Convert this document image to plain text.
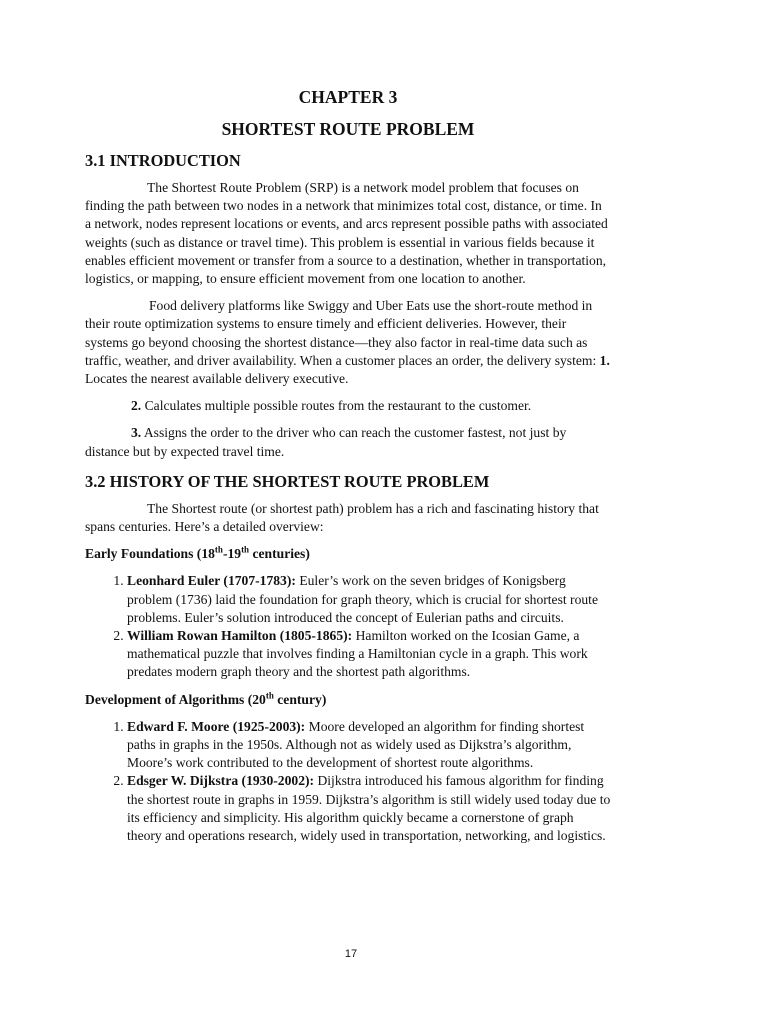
CHAPTER 3
SHORTEST ROUTE PROBLEM
3.1 INTRODUCTION

The Shortest Route Problem (SRP) is a network model problem that focuses on finding the path between two nodes in a network that minimizes total cost, distance, or time. In a network, nodes represent locations or events, and arcs represent possible paths with associated weights (such as distance or travel time). This problem is essential in various fields because it enables efficient movement or transfer from a source to a destination, whether in transportation, logistics, or mapping, to ensure efficient movement from one location to another.

Food delivery platforms like Swiggy and Uber Eats use the short-route method in their route optimization systems to ensure timely and efficient deliveries. However, their systems go beyond choosing the shortest distance—they also factor in real-time data such as traffic, weather, and driver availability. When a customer places an order, the delivery system: 1. Locates the nearest available delivery executive.

2. Calculates multiple possible routes from the restaurant to the customer.

3. Assigns the order to the driver who can reach the customer fastest, not just by distance but by expected travel time.

3.2 HISTORY OF THE SHORTEST ROUTE PROBLEM

The Shortest route (or shortest path) problem has a rich and fascinating history that spans centuries. Here’s a detailed overview:

Early Foundations (18th-19th centuries)

1. Leonhard Euler (1707-1783): Euler’s work on the seven bridges of Konigsberg problem (1736) laid the foundation for graph theory, which is crucial for shortest route problems. Euler’s solution introduced the concept of Eulerian paths and circuits.
2. William Rowan Hamilton (1805-1865): Hamilton worked on the Icosian Game, a mathematical puzzle that involves finding a Hamiltonian cycle in a graph. This work predates modern graph theory and the shortest path algorithms.

Development of Algorithms (20th century)

1. Edward F. Moore (1925-2003): Moore developed an algorithm for finding shortest paths in graphs in the 1950s. Although not as widely used as Dijkstra’s algorithm, Moore’s work contributed to the development of shortest route algorithms.
2. Edsger W. Dijkstra (1930-2002): Dijkstra introduced his famous algorithm for finding the shortest route in graphs in 1959. Dijkstra’s algorithm is still widely used today due to its efficiency and simplicity. His algorithm quickly became a cornerstone of graph theory and operations research, widely used in transportation, networking, and logistics.
17
